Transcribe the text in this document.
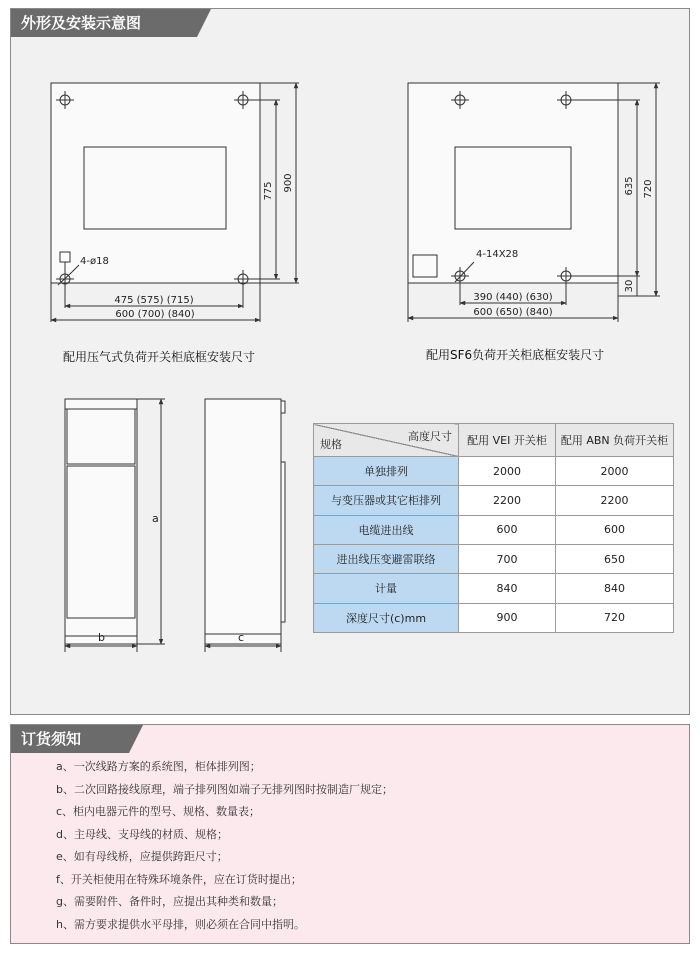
外形及安装示意图
4-ø18
775 900
475 (575) (715)
600 (700) (840)
4-14X28
635 720
30
390 (440) (630)
600 (650) (840)
a
b	c
配用压气式负荷开关柜底框安装尺寸	配用SF6负荷开关柜底框安装尺寸
高度尺寸
规格	配用 VEI 开关柜	配用 ABN 负荷开关柜
单独排列	2000	2000
与变压器或其它柜排列	2200	2200
电缆进出线	600	600
进出线压变避雷联络	700	650
计量	840	840
深度尺寸(c)mm	900	720
订货须知
a、一次线路方案的系统图，柜体排列图；
b、二次回路接线原理，端子排列图如端子无排列图时按制造厂规定；
c、柜内电器元件的型号、规格、数量表；
d、主母线、支母线的材质、规格；
e、如有母线桥，应提供跨距尺寸；
f、开关柜使用在特殊环境条件，应在订货时提出；
g、需要附件、备件时，应提出其种类和数量；
h、需方要求提供水平母排，则必须在合同中指明。
